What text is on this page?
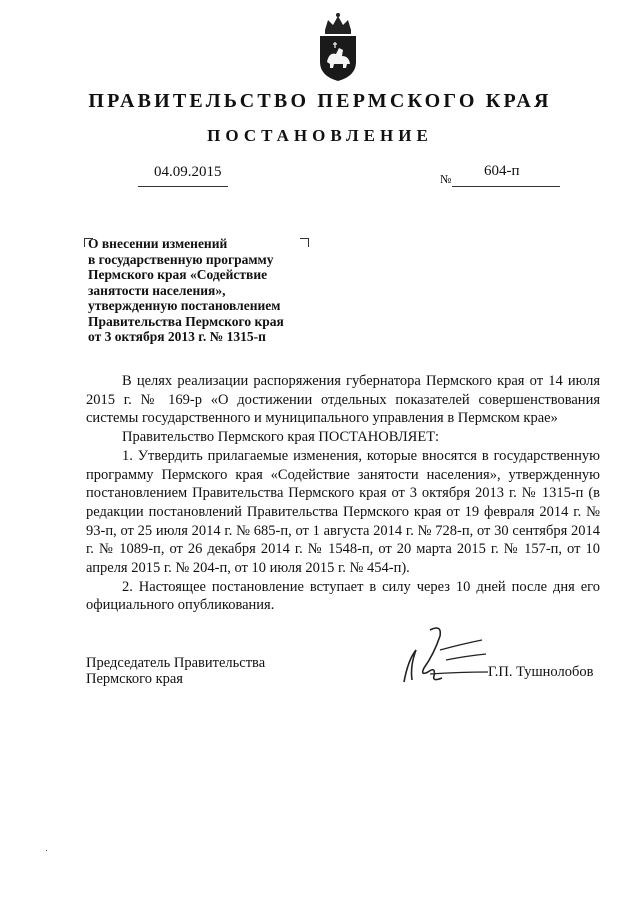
ПРАВИТЕЛЬСТВО ПЕРМСКОГО КРАЯ
ПОСТАНОВЛЕНИЕ
04.09.2015	№ 604-п
О внесении изменений
в государственную программу
Пермского края «Содействие
занятости населения»,
утвержденную постановлением
Правительства Пермского края
от 3 октября 2013 г. № 1315-п

В целях реализации распоряжения губернатора Пермского края от 14 июля 2015 г. № 169-р «О достижении отдельных показателей совершенствования системы государственного и муниципального управления в Пермском крае»

Правительство Пермского края ПОСТАНОВЛЯЕТ:

1. Утвердить прилагаемые изменения, которые вносятся в государственную программу Пермского края «Содействие занятости населения», утвержденную постановлением Правительства Пермского края от 3 октября 2013 г. № 1315-п (в редакции постановлений Правительства Пермского края от 19 февраля 2014 г. № 93-п, от 25 июля 2014 г. № 685-п, от 1 августа 2014 г. № 728-п, от 30 сентября 2014 г. № 1089-п, от 26 декабря 2014 г. № 1548-п, от 20 марта 2015 г. № 157-п, от 10 апреля 2015 г. № 204-п, от 10 июля 2015 г. № 454-п).

2. Настоящее постановление вступает в силу через 10 дней после дня его официального опубликования.

Председатель Правительства
Пермского края	Г.П. Тушнолобов
